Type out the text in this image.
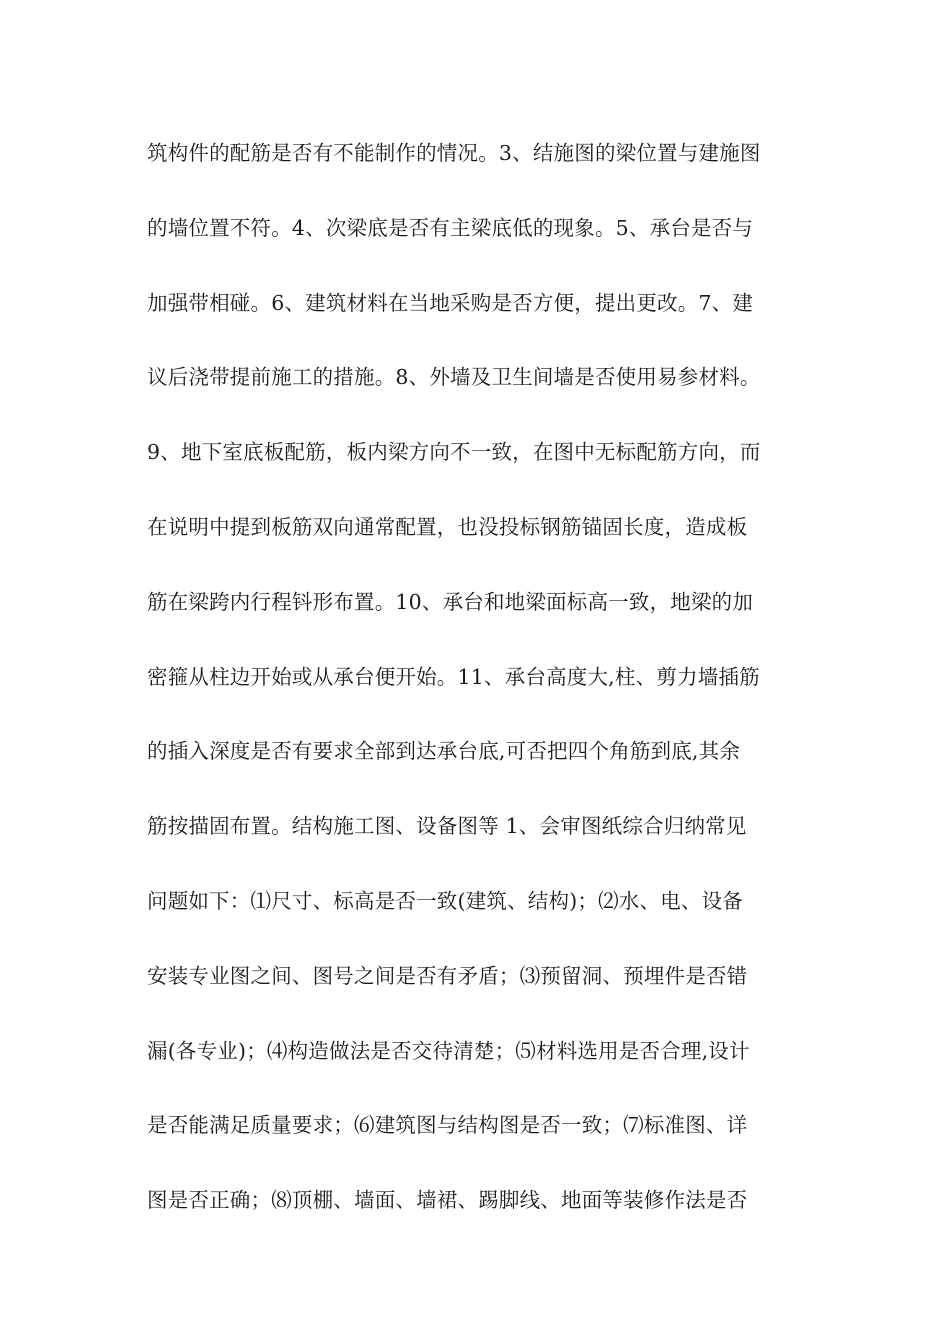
筑构件的配筋是否有不能制作的情况。3、结施图的梁位置与建施图
的墙位置不符。4、次梁底是否有主梁底低的现象。5、承台是否与
加强带相碰。6、建筑材料在当地采购是否方便，提出更改。7、建
议后浇带提前施工的措施。8、外墙及卫生间墙是否使用易参材料。
9、地下室底板配筋，板内梁方向不一致，在图中无标配筋方向，而
在说明中提到板筋双向通常配置，也没投标钢筋锚固长度，造成板
筋在梁跨内行程钭形布置。10、承台和地梁面标高一致，地梁的加
密箍从柱边开始或从承台便开始。11、承台高度大,柱、剪力墙插筋
的插入深度是否有要求全部到达承台底,可否把四个角筋到底,其余
筋按描固布置。结构施工图、设备图等 1、会审图纸综合归纳常见
问题如下：⑴尺寸、标高是否一致(建筑、结构)；⑵水、电、设备
安装专业图之间、图号之间是否有矛盾；⑶预留洞、预埋件是否错
漏(各专业)；⑷构造做法是否交待清楚；⑸材料选用是否合理,设计
是否能满足质量要求；⑹建筑图与结构图是否一致；⑺标准图、详
图是否正确；⑻顶棚、墙面、墙裙、踢脚线、地面等装修作法是否
